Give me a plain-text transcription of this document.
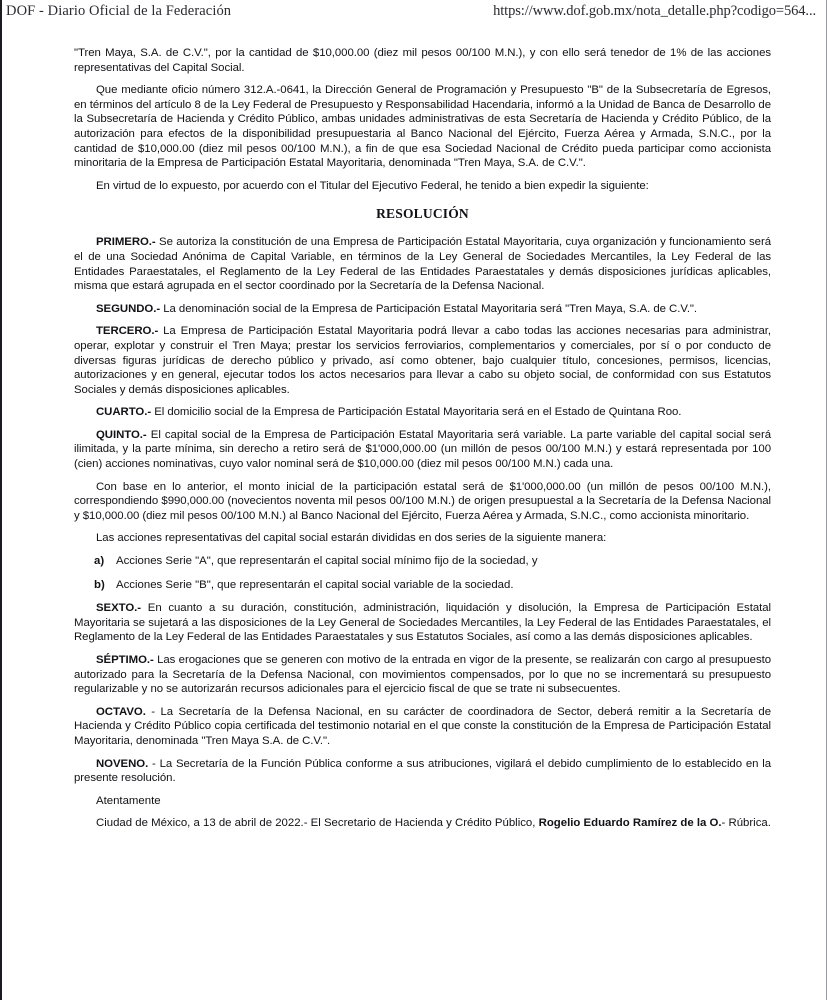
DOF - Diario Oficial de la Federación	https://www.dof.gob.mx/nota_detalle.php?codigo=564...

"Tren Maya, S.A. de C.V.", por la cantidad de $10,000.00 (diez mil pesos 00/100 M.N.), y con ello será tenedor de 1% de las acciones representativas del Capital Social.

Que mediante oficio número 312.A.-0641, la Dirección General de Programación y Presupuesto "B" de la Subsecretaría de Egresos, en términos del artículo 8 de la Ley Federal de Presupuesto y Responsabilidad Hacendaria, informó a la Unidad de Banca de Desarrollo de la Subsecretaría de Hacienda y Crédito Público, ambas unidades administrativas de esta Secretaría de Hacienda y Crédito Público, de la autorización para efectos de la disponibilidad presupuestaria al Banco Nacional del Ejército, Fuerza Aérea y Armada, S.N.C., por la cantidad de $10,000.00 (diez mil pesos 00/100 M.N.), a fin de que esa Sociedad Nacional de Crédito pueda participar como accionista minoritaria de la Empresa de Participación Estatal Mayoritaria, denominada "Tren Maya, S.A. de C.V.".

En virtud de lo expuesto, por acuerdo con el Titular del Ejecutivo Federal, he tenido a bien expedir la siguiente:

RESOLUCIÓN

PRIMERO.- Se autoriza la constitución de una Empresa de Participación Estatal Mayoritaria, cuya organización y funcionamiento será el de una Sociedad Anónima de Capital Variable, en términos de la Ley General de Sociedades Mercantiles, la Ley Federal de las Entidades Paraestatales, el Reglamento de la Ley Federal de las Entidades Paraestatales y demás disposiciones jurídicas aplicables, misma que estará agrupada en el sector coordinado por la Secretaría de la Defensa Nacional.

SEGUNDO.- La denominación social de la Empresa de Participación Estatal Mayoritaria será "Tren Maya, S.A. de C.V.".

TERCERO.- La Empresa de Participación Estatal Mayoritaria podrá llevar a cabo todas las acciones necesarias para administrar, operar, explotar y construir el Tren Maya; prestar los servicios ferroviarios, complementarios y comerciales, por sí o por conducto de diversas figuras jurídicas de derecho público y privado, así como obtener, bajo cualquier título, concesiones, permisos, licencias, autorizaciones y en general, ejecutar todos los actos necesarios para llevar a cabo su objeto social, de conformidad con sus Estatutos Sociales y demás disposiciones aplicables.

CUARTO.- El domicilio social de la Empresa de Participación Estatal Mayoritaria será en el Estado de Quintana Roo.

QUINTO.- El capital social de la Empresa de Participación Estatal Mayoritaria será variable. La parte variable del capital social será ilimitada, y la parte mínima, sin derecho a retiro será de $1'000,000.00 (un millón de pesos 00/100 M.N.) y estará representada por 100 (cien) acciones nominativas, cuyo valor nominal será de $10,000.00 (diez mil pesos 00/100 M.N.) cada una.

Con base en lo anterior, el monto inicial de la participación estatal será de $1'000,000.00 (un millón de pesos 00/100 M.N.), correspondiendo $990,000.00 (novecientos noventa mil pesos 00/100 M.N.) de origen presupuestal a la Secretaría de la Defensa Nacional y $10,000.00 (diez mil pesos 00/100 M.N.) al Banco Nacional del Ejército, Fuerza Aérea y Armada, S.N.C., como accionista minoritario.

Las acciones representativas del capital social estarán divididas en dos series de la siguiente manera:

a)	Acciones Serie "A", que representarán el capital social mínimo fijo de la sociedad, y
b) Acciones Serie "B", que representarán el capital social variable de la sociedad.

SEXTO.- En cuanto a su duración, constitución, administración, liquidación y disolución, la Empresa de Participación Estatal Mayoritaria se sujetará a las disposiciones de la Ley General de Sociedades Mercantiles, la Ley Federal de las Entidades Paraestatales, el Reglamento de la Ley Federal de las Entidades Paraestatales y sus Estatutos Sociales, así como a las demás disposiciones aplicables.

SÉPTIMO.- Las erogaciones que se generen con motivo de la entrada en vigor de la presente, se realizarán con cargo al presupuesto autorizado para la Secretaría de la Defensa Nacional, con movimientos compensados, por lo que no se incrementará su presupuesto regularizable y no se autorizarán recursos adicionales para el ejercicio fiscal de que se trate ni subsecuentes.

OCTAVO. - La Secretaría de la Defensa Nacional, en su carácter de coordinadora de Sector, deberá remitir a la Secretaría de Hacienda y Crédito Público copia certificada del testimonio notarial en el que conste la constitución de la Empresa de Participación Estatal Mayoritaria, denominada "Tren Maya S.A. de C.V.".

NOVENO. - La Secretaría de la Función Pública conforme a sus atribuciones, vigilará el debido cumplimiento de lo establecido en la presente resolución.

Atentamente

Ciudad de México, a 13 de abril de 2022.- El Secretario de Hacienda y Crédito Público, Rogelio Eduardo Ramírez de la O.- Rúbrica.
